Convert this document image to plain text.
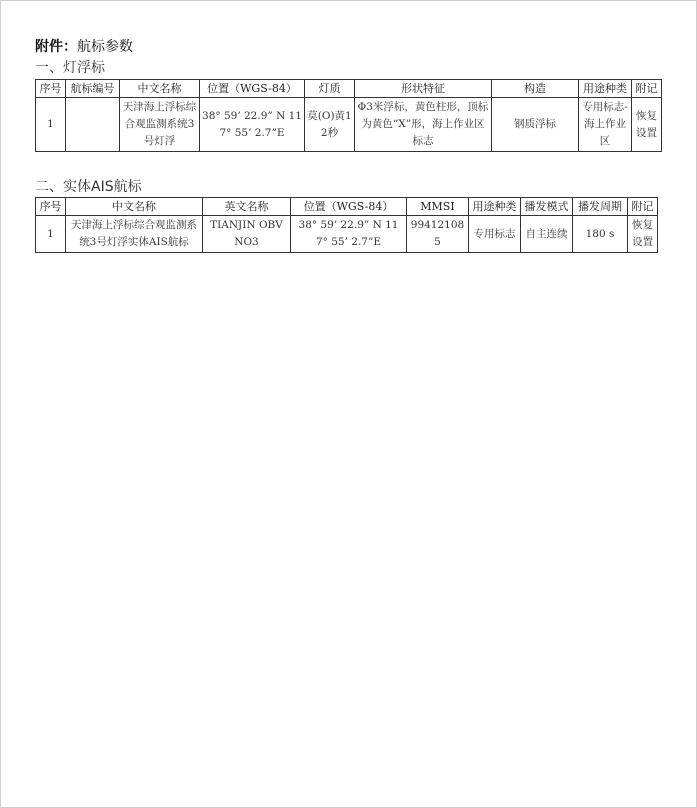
附件：航标参数
一、灯浮标
序号	航标编号	中文名称	位置（WGS-84）	灯质	形状特征	构造	用途种类	附记
1		天津海上浮标综合观监测系统3号灯浮	38° 59’ 22.9” N 117° 55’ 2.7”E	莫(O)黄12秒	Φ3米浮标，黄色柱形，顶标为黄色“X”形，海上作业区标志	钢质浮标	专用标志-海上作业区	恢复设置
二、实体AIS航标
序号	中文名称	英文名称	位置（WGS-84）	MMSI	用途种类	播发模式	播发周期	附记
1	天津海上浮标综合观监测系统3号灯浮实体AIS航标	TIANJIN OBV NO3	38° 59’ 22.9” N 117° 55’ 2.7”E	994121085	专用标志	自主连续	180 s	恢复设置
